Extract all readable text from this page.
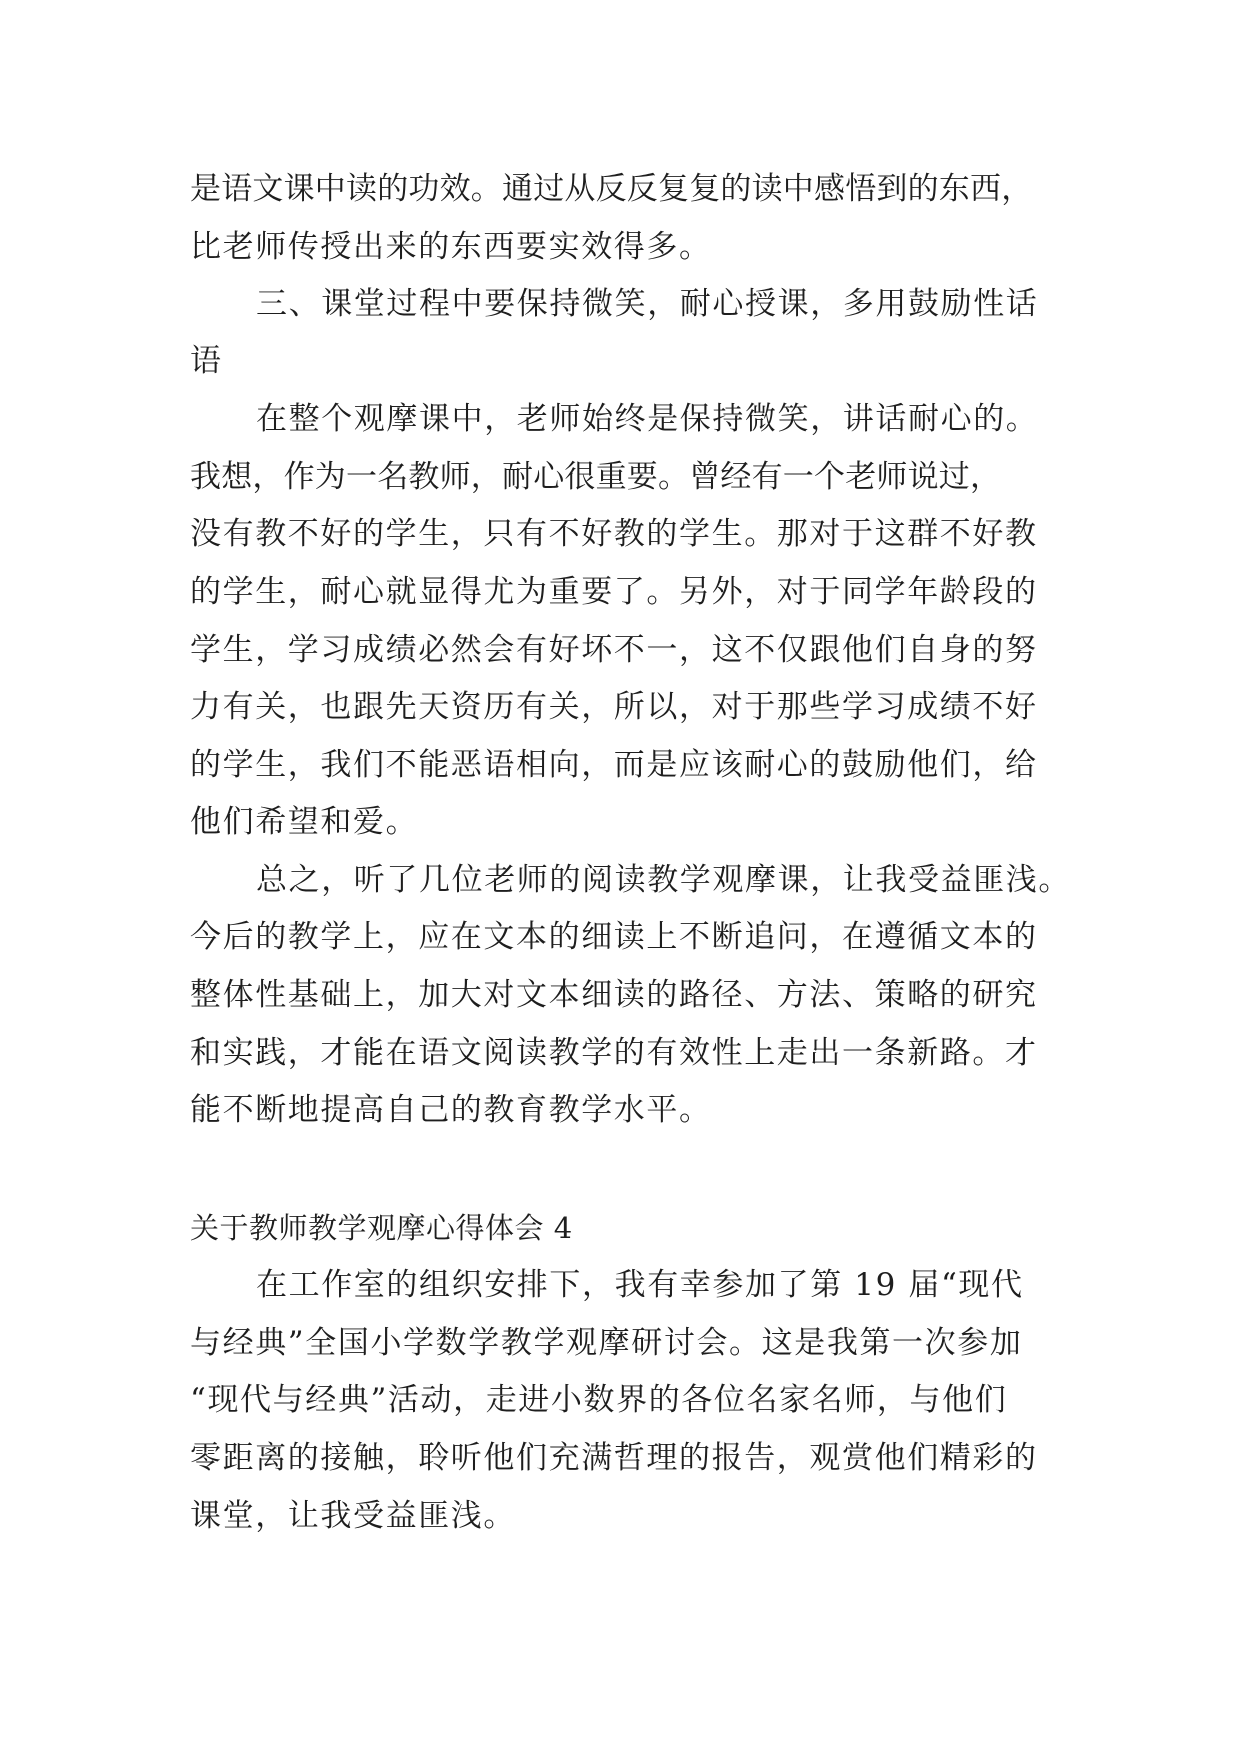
是语文课中读的功效。通过从反反复复的读中感悟到的东西，
比老师传授出来的东西要实效得多。
三、课堂过程中要保持微笑，耐心授课，多用鼓励性话
语
在整个观摩课中，老师始终是保持微笑，讲话耐心的。
我想，作为一名教师，耐心很重要。曾经有一个老师说过，
没有教不好的学生，只有不好教的学生。那对于这群不好教
的学生，耐心就显得尤为重要了。另外，对于同学年龄段的
学生，学习成绩必然会有好坏不一，这不仅跟他们自身的努
力有关，也跟先天资历有关，所以，对于那些学习成绩不好
的学生，我们不能恶语相向，而是应该耐心的鼓励他们，给
他们希望和爱。
总之，听了几位老师的阅读教学观摩课，让我受益匪浅。
今后的教学上，应在文本的细读上不断追问，在遵循文本的
整体性基础上，加大对文本细读的路径、方法、策略的研究
和实践，才能在语文阅读教学的有效性上走出一条新路。才
能不断地提高自己的教育教学水平。
关于教师教学观摩心得体会 4
在工作室的组织安排下，我有幸参加了第 19 届“现代
与经典”全国小学数学教学观摩研讨会。这是我第一次参加
“现代与经典”活动，走进小数界的各位名家名师，与他们
零距离的接触，聆听他们充满哲理的报告，观赏他们精彩的
课堂，让我受益匪浅。
